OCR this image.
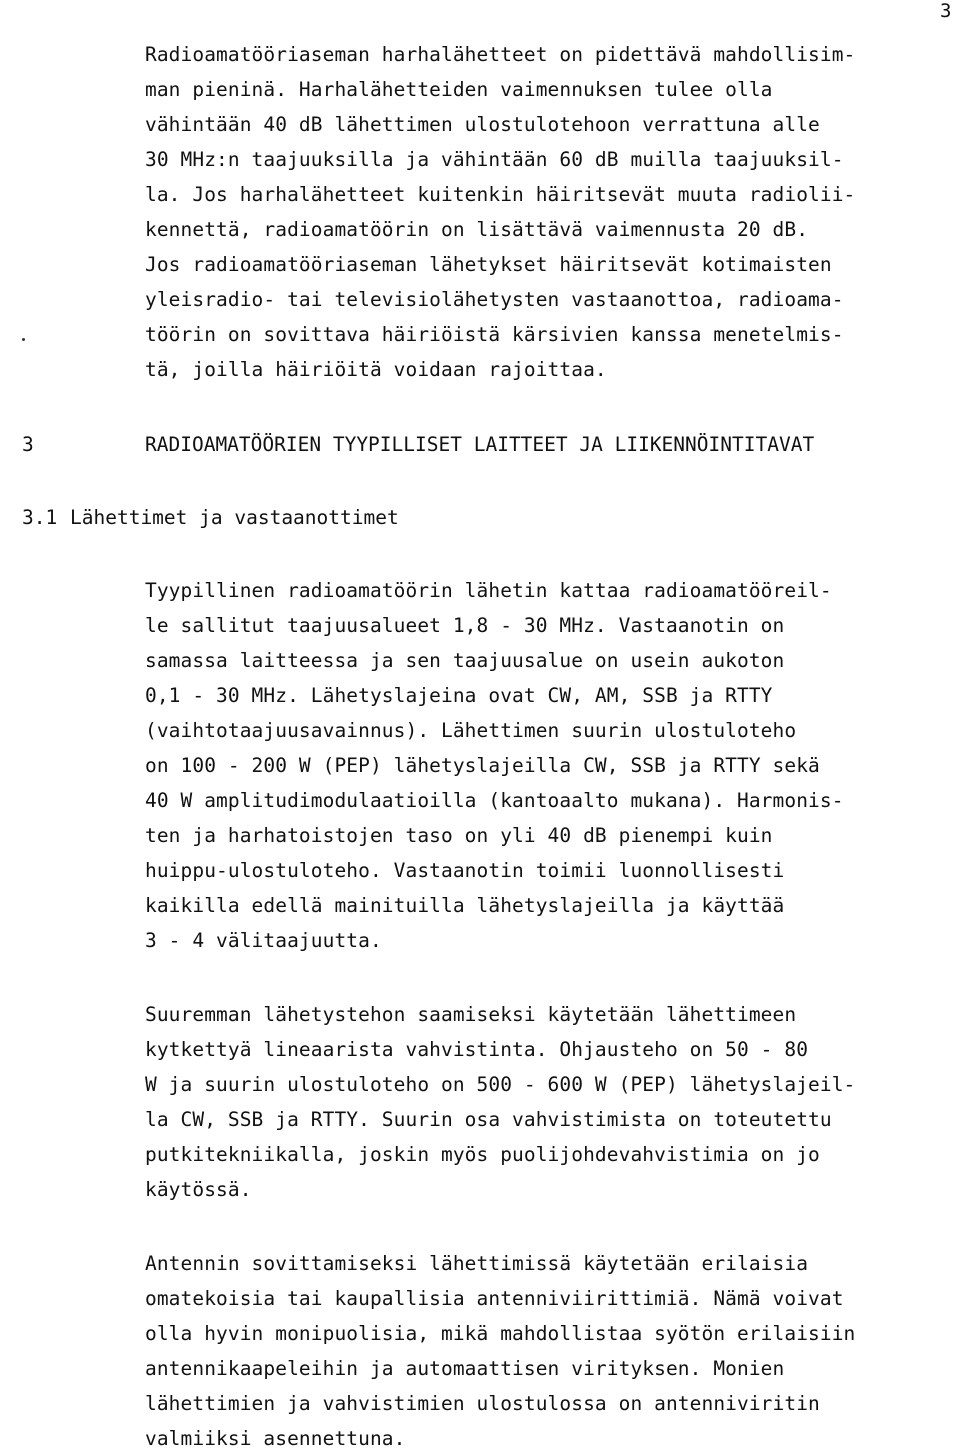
3
Radioamatööriaseman harhalähetteet on pidettävä mahdollisim-
man pieninä. Harhalähetteiden vaimennuksen tulee olla
vähintään 40 dB lähettimen ulostulotehoon verrattuna alle
30 MHz:n taajuuksilla ja vähintään 60 dB muilla taajuuksil-
la. Jos harhalähetteet kuitenkin häiritsevät muuta radiolii-
kennettä, radioamatöörin on lisättävä vaimennusta 20 dB.
Jos radioamatööriaseman lähetykset häiritsevät kotimaisten
yleisradio- tai televisiolähetysten vastaanottoa, radioama-
töörin on sovittava häiriöistä kärsivien kanssa menetelmis-
tä, joilla häiriöitä voidaan rajoittaa.
3	RADIOAMATÖÖRIEN TYYPILLISET LAITTEET JA LIIKENNÖINTITAVAT
3.1 Lähettimet ja vastaanottimet
Tyypillinen radioamatöörin lähetin kattaa radioamatööreil-
le sallitut taajuusalueet 1,8 - 30 MHz. Vastaanotin on
samassa laitteessa ja sen taajuusalue on usein aukoton
0,1 - 30 MHz. Lähetyslajeina ovat CW, AM, SSB ja RTTY
(vaihtotaajuusavainnus). Lähettimen suurin ulostuloteho
on 100 - 200 W (PEP) lähetyslajeilla CW, SSB ja RTTY sekä
40 W amplitudimodulaatioilla (kantoaalto mukana). Harmonis-
ten ja harhatoistojen taso on yli 40 dB pienempi kuin
huippu-ulostuloteho. Vastaanotin toimii luonnollisesti
kaikilla edellä mainituilla lähetyslajeilla ja käyttää
3 - 4 välitaajuutta.
Suuremman lähetystehon saamiseksi käytetään lähettimeen
kytkettyä lineaarista vahvistinta. Ohjausteho on 50 - 80
W ja suurin ulostuloteho on 500 - 600 W (PEP) lähetyslajeil-
la CW, SSB ja RTTY. Suurin osa vahvistimista on toteutettu
putkitekniikalla, joskin myös puolijohdevahvistimia on jo
käytössä.
Antennin sovittamiseksi lähettimissä käytetään erilaisia
omatekoisia tai kaupallisia antenniviirittimiä. Nämä voivat
olla hyvin monipuolisia, mikä mahdollistaa syötön erilaisiin
antennikaapeleihin ja automaattisen virityksen. Monien
lähettimien ja vahvistimien ulostulossa on antenniviritin
valmiiksi asennettuna.
